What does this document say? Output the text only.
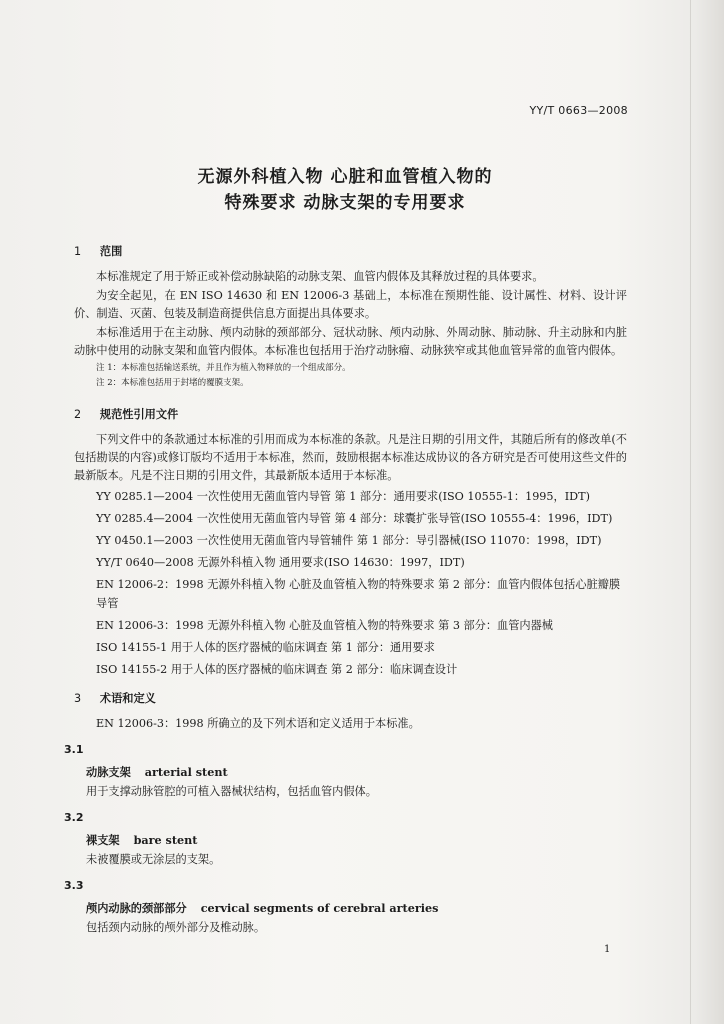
YY/T 0663—2008
无源外科植入物 心脏和血管植入物的
特殊要求 动脉支架的专用要求
1 范围
本标准规定了用于矫正或补偿动脉缺陷的动脉支架、血管内假体及其释放过程的具体要求。
为安全起见，在 EN ISO 14630 和 EN 12006-3 基础上，本标准在预期性能、设计属性、材料、设计评价、制造、灭菌、包装及制造商提供信息方面提出具体要求。
本标准适用于在主动脉、颅内动脉的颈部部分、冠状动脉、颅内动脉、外周动脉、肺动脉、升主动脉和内脏动脉中使用的动脉支架和血管内假体。本标准也包括用于治疗动脉瘤、动脉狭窄或其他血管异常的血管内假体。
注 1：本标准包括输送系统，并且作为植入物释放的一个组成部分。
注 2：本标准包括用于封堵的覆膜支架。
2 规范性引用文件
下列文件中的条款通过本标准的引用而成为本标准的条款。凡是注日期的引用文件，其随后所有的修改单(不包括勘误的内容)或修订版均不适用于本标准，然而，鼓励根据本标准达成协议的各方研究是否可使用这些文件的最新版本。凡是不注日期的引用文件，其最新版本适用于本标准。
YY 0285.1—2004 一次性使用无菌血管内导管 第 1 部分：通用要求(ISO 10555-1：1995，IDT)
YY 0285.4—2004 一次性使用无菌血管内导管 第 4 部分：球囊扩张导管(ISO 10555-4：1996，IDT)
YY 0450.1—2003 一次性使用无菌血管内导管辅件 第 1 部分：导引器械(ISO 11070：1998，IDT)
YY/T 0640—2008 无源外科植入物 通用要求(ISO 14630：1997，IDT)
EN 12006-2：1998 无源外科植入物 心脏及血管植入物的特殊要求 第 2 部分：血管内假体包括心脏瓣膜导管
EN 12006-3：1998 无源外科植入物 心脏及血管植入物的特殊要求 第 3 部分：血管内器械
ISO 14155-1 用于人体的医疗器械的临床调查 第 1 部分：通用要求
ISO 14155-2 用于人体的医疗器械的临床调查 第 2 部分：临床调查设计
3 术语和定义
EN 12006-3：1998 所确立的及下列术语和定义适用于本标准。
3.1
动脉支架 arterial stent
用于支撑动脉管腔的可植入器械状结构，包括血管内假体。
3.2
裸支架 bare stent
未被覆膜或无涂层的支架。
3.3
颅内动脉的颈部部分 cervical segments of cerebral arteries
包括颈内动脉的颅外部分及椎动脉。
1
